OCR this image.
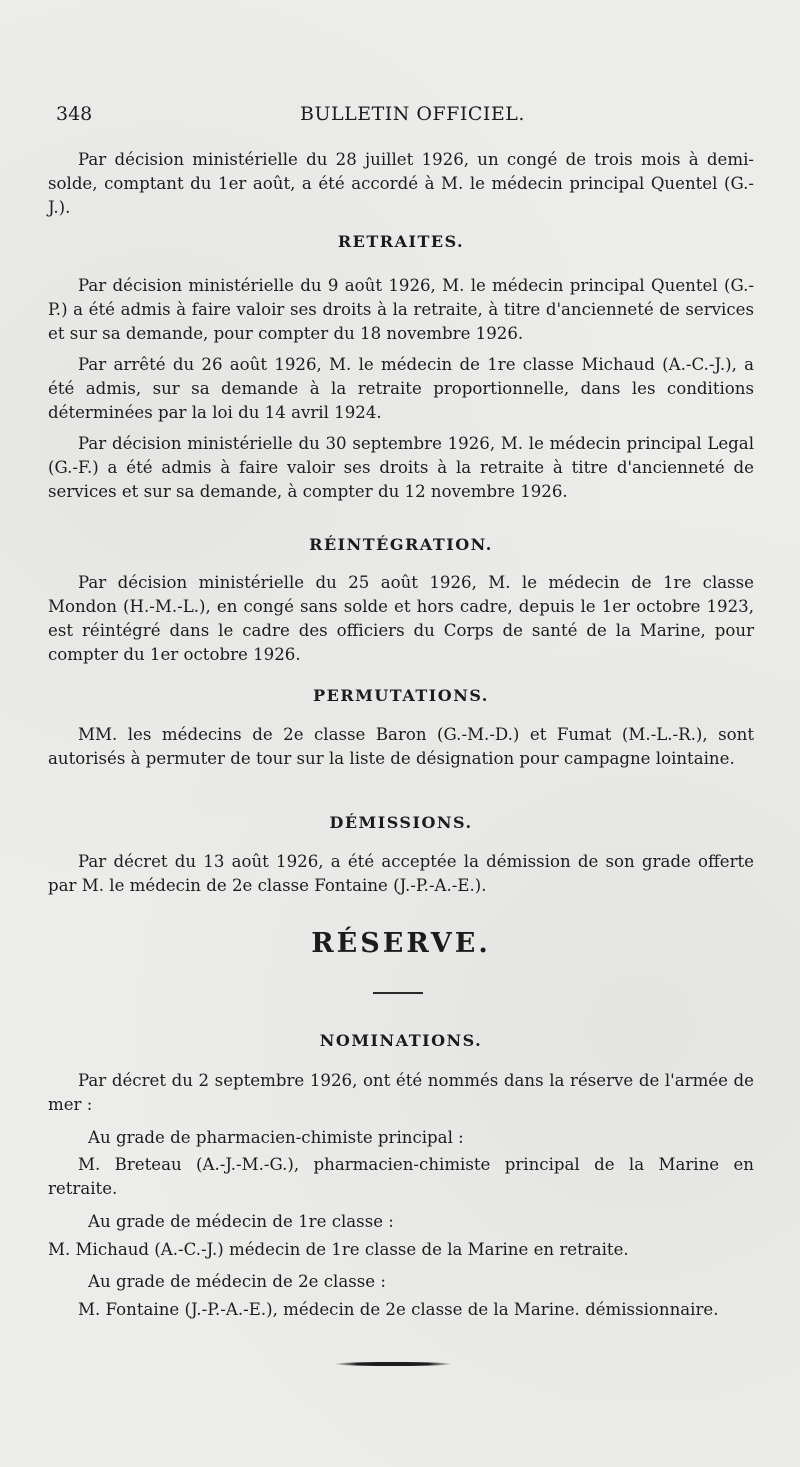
348	BULLETIN OFFICIEL.

Par décision ministérielle du 28 juillet 1926, un congé de trois mois à demi-solde, comptant du 1er août, a été accordé à M. le médecin principal Quentel (G.-J.).

RETRAITES.

Par décision ministérielle du 9 août 1926, M. le médecin principal Quentel (G.-P.) a été admis à faire valoir ses droits à la retraite, à titre d'ancienneté de services et sur sa demande, pour compter du 18 novembre 1926.

Par arrêté du 26 août 1926, M. le médecin de 1re classe Michaud (A.-C.-J.), a été admis, sur sa demande à la retraite proportionnelle, dans les conditions déterminées par la loi du 14 avril 1924.

Par décision ministérielle du 30 septembre 1926, M. le médecin principal Legal (G.-F.) a été admis à faire valoir ses droits à la retraite à titre d'ancienneté de services et sur sa demande, à compter du 12 novembre 1926.

RÉINTÉGRATION.

Par décision ministérielle du 25 août 1926, M. le médecin de 1re classe Mondon (H.-M.-L.), en congé sans solde et hors cadre, depuis le 1er octobre 1923, est réintégré dans le cadre des officiers du Corps de santé de la Marine, pour compter du 1er octobre 1926.

PERMUTATIONS.

MM. les médecins de 2e classe Baron (G.-M.-D.) et Fumat (M.-L.-R.), sont autorisés à permuter de tour sur la liste de désignation pour campagne lointaine.

DÉMISSIONS.

Par décret du 13 août 1926, a été acceptée la démission de son grade offerte par M. le médecin de 2e classe Fontaine (J.-P.-A.-E.).

RÉSERVE.
NOMINATIONS.

Par décret du 2 septembre 1926, ont été nommés dans la réserve de l'armée de mer :

Au grade de pharmacien-chimiste principal :

M. Breteau (A.-J.-M.-G.), pharmacien-chimiste principal de la Marine en retraite.

Au grade de médecin de 1re classe :

M. Michaud (A.-C.-J.) médecin de 1re classe de la Marine en retraite.

Au grade de médecin de 2e classe :

M. Fontaine (J.-P.-A.-E.), médecin de 2e classe de la Marine. démissionnaire.
